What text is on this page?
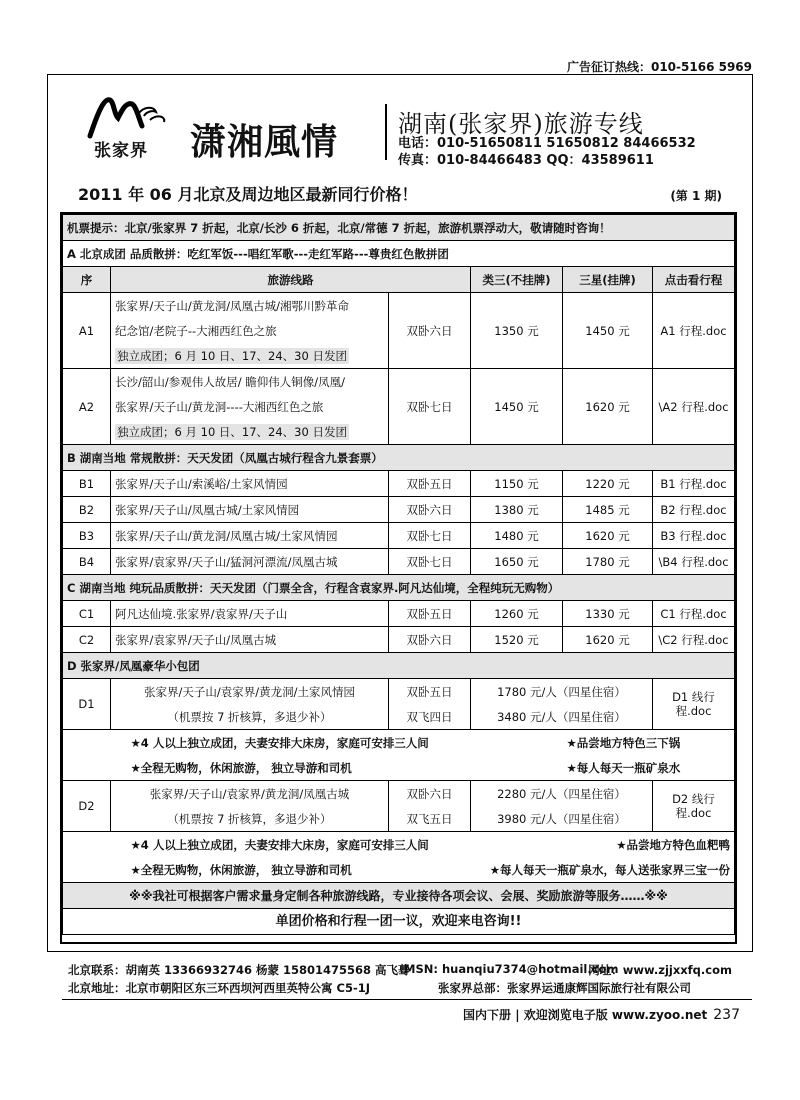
广告征订热线：010-5166 5969
张家界 潇湘風情 湖南(张家界)旅游专线
电话：010-51650811 51650812 84466532
传真：010-84466483 QQ：43589611
2011 年 06 月北京及周边地区最新同行价格！	(第 1 期)
机票提示：北京/张家界 7 折起，北京/长沙 6 折起，北京/常德 7 折起，旅游机票浮动大，敬请随时咨询！					
A 北京成团 品质散拼：吃红军饭---唱红军歌---走红军路---尊贵红色散拼团					
序	旅游线路		类三(不挂牌)	三星(挂牌)	点击看行程
A1	张家界/天子山/黄龙洞/凤凰古城/湘鄂川黔革命	双卧六日	1350 元	1450 元	A1 行程.doc
	纪念馆/老院子--大湘西红色之旅				
	独立成团；6 月 10 日、17、24、30 日发团				
A2	长沙/韶山/参观伟人故居/ 瞻仰伟人铜像/凤凰/	双卧七日	1450 元	1620 元	\A2 行程.doc
	张家界/天子山/黄龙洞----大湘西红色之旅				
	独立成团；6 月 10 日、17、24、30 日发团				
B 湖南当地 常规散拼：天天发团（凤凰古城行程含九景套票）					
B1	张家界/天子山/索溪峪/土家风情园	双卧五日	1150 元	1220 元	B1 行程.doc
B2	张家界/天子山/凤凰古城/土家风情园	双卧六日	1380 元	1485 元	B2 行程.doc
B3	张家界/天子山/黄龙洞/凤凰古城/土家风情园	双卧七日	1480 元	1620 元	B3 行程.doc
B4	张家界/袁家界/天子山/猛洞河漂流/凤凰古城	双卧七日	1650 元	1780 元	\B4 行程.doc
C 湖南当地 纯玩品质散拼：天天发团（门票全含，行程含袁家界.阿凡达仙境，全程纯玩无购物）					
C1	阿凡达仙境.张家界/袁家界/天子山	双卧五日	1260 元	1330 元	C1 行程.doc
C2	张家界/袁家界/天子山/凤凰古城	双卧六日	1520 元	1620 元	\C2 行程.doc
D 张家界/凤凰豪华小包团					
D1	张家界/天子山/袁家界/黄龙洞/土家风情园	双卧五日	1780 元/人（四星住宿）		D1 线行程.doc
	（机票按 7 折核算，多退少补）	双飞四日	3480 元/人（四星住宿）		
	★4 人以上独立成团，夫妻安排大床房，家庭可安排三人间			★品尝地方特色三下锅	
	★全程无购物，休闲旅游， 独立导游和司机			★每人每天一瓶矿泉水	
D2	张家界/天子山/袁家界/黄龙洞/凤凰古城	双卧六日	2280 元/人（四星住宿）		D2 线行程.doc
	（机票按 7 折核算，多退少补）	双飞五日	3980 元/人（四星住宿）		
	★4 人以上独立成团，夫妻安排大床房，家庭可安排三人间			★品尝地方特色血粑鸭	
	★全程无购物，休闲旅游， 独立导游和司机		★每人每天一瓶矿泉水，每人送张家界三宝一份		
※※我社可根据客户需求量身定制各种旅游线路，专业接待各项会议、会展、奖励旅游等服务……※※					
单团价格和行程一团一议，欢迎来电咨询!!					
北京联系：胡南英 13366932746 杨蒙 15801475568 高飞蓦
MSN: huanqiu7374@hotmail.com
网址：www.zjjxxfq.com
北京地址：北京市朝阳区东三环西坝河西里英特公寓 C5-1J	张家界总部：张家界运通康辉国际旅行社有限公司
国内下册 | 欢迎浏览电子版 www.zyoo.net 237
